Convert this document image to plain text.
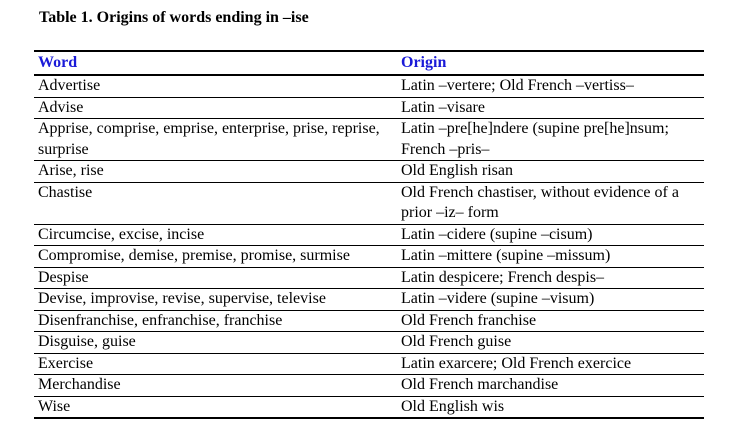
Table 1. Origins of words ending in –ise
Word	Origin

Advertise	Latin –vertere; Old French –vertiss–

Advise	Latin –visare

Apprise, comprise, emprise, enterprise, prise, reprise, surprise	Latin –pre[he]ndere (supine pre[he]nsum; French –pris–

Arise, rise	Old English risan

Chastise	Old French chastiser, without evidence of a prior –iz– form

Circumcise, excise, incise	Latin –cidere (supine –cisum)

Compromise, demise, premise, promise, surmise	Latin –mittere (supine –missum)

Despise	Latin despicere; French despis–

Devise, improvise, revise, supervise, televise	Latin –videre (supine –visum)

Disenfranchise, enfranchise, franchise	Old French franchise

Disguise, guise	Old French guise

Exercise	Latin exarcere; Old French exercice

Merchandise	Old French marchandise

Wise	Old English wis
